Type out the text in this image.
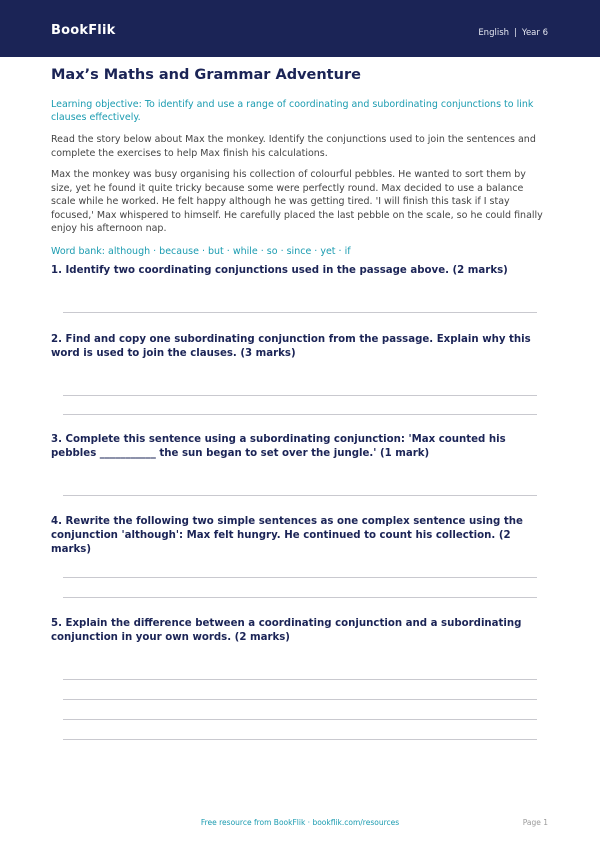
BookFlik	English | Year 6
Max’s Maths and Grammar Adventure

Learning objective: To identify and use a range of coordinating and subordinating conjunctions to link clauses effectively.

Read the story below about Max the monkey. Identify the conjunctions used to join the sentences and complete the exercises to help Max finish his calculations.

Max the monkey was busy organising his collection of colourful pebbles. He wanted to sort them by size, yet he found it quite tricky because some were perfectly round. Max decided to use a balance scale while he worked. He felt happy although he was getting tired. 'I will finish this task if I stay focused,' Max whispered to himself. He carefully placed the last pebble on the scale, so he could finally enjoy his afternoon nap.

Word bank: although · because · but · while · so · since · yet · if

1. Identify two coordinating conjunctions used in the passage above. (2 marks)
2. Find and copy one subordinating conjunction from the passage. Explain why this word is used to join the clauses. (3 marks)
3. Complete this sentence using a subordinating conjunction: 'Max counted his pebbles ___________ the sun began to set over the jungle.' (1 mark)
4. Rewrite the following two simple sentences as one complex sentence using the conjunction 'although': Max felt hungry. He continued to count his collection. (2 marks)
5. Explain the difference between a coordinating conjunction and a subordinating conjunction in your own words. (2 marks)
Free resource from BookFlik · bookflik.com/resources	Page 1
